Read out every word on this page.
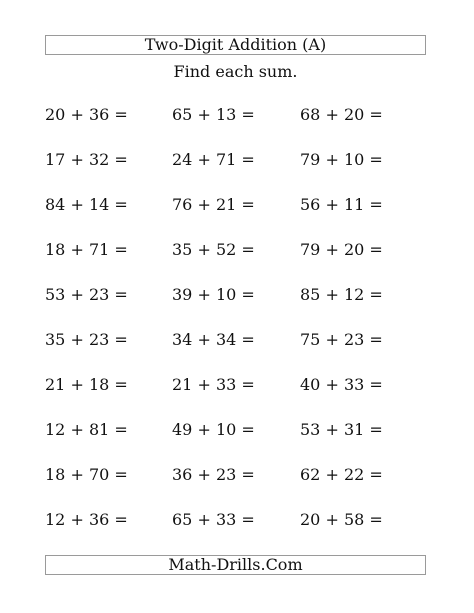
Two-Digit Addition (A)
Find each sum.
20 + 36 =	65 + 13 =	68 + 20 =
17 + 32 =	24 + 71 =	79 + 10 =
84 + 14 =	76 + 21 =	56 + 11 =
18 + 71 =	35 + 52 =	79 + 20 =
53 + 23 =	39 + 10 =	85 + 12 =
35 + 23 =	34 + 34 =	75 + 23 =
21 + 18 =	21 + 33 =	40 + 33 =
12 + 81 =	49 + 10 =	53 + 31 =
18 + 70 =	36 + 23 =	62 + 22 =
12 + 36 =	65 + 33 =	20 + 58 =
Math-Drills.Com
